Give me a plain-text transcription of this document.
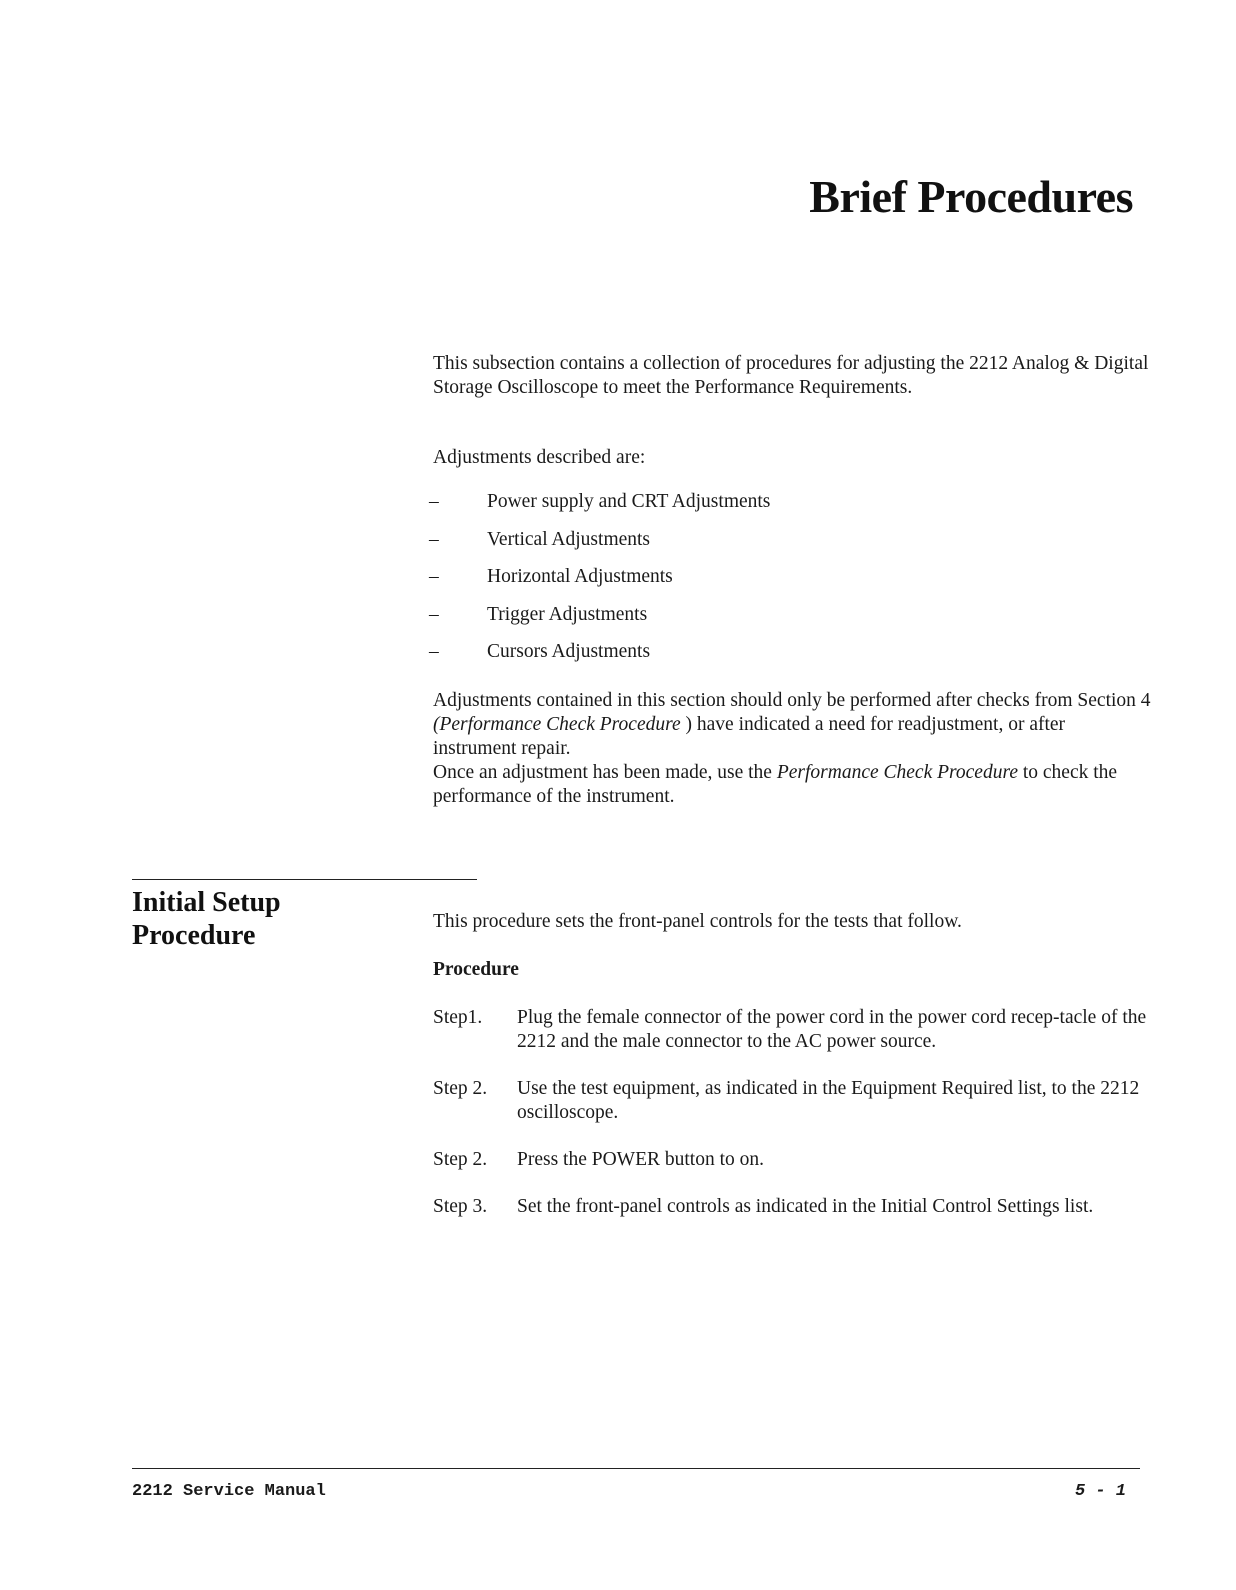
Brief Procedures

This subsection contains a collection of procedures for adjusting the 2212 Analog & Digital Storage Oscilloscope to meet the Performance Requirements.

Adjustments described are:

–	Power supply and CRT Adjustments
–	Vertical Adjustments
–	Horizontal Adjustments
–	Trigger Adjustments
–	Cursors Adjustments

Adjustments contained in this section should only be performed after checks from Section 4 (Performance Check Procedure ) have indicated a need for readjustment, or after instrument repair.

Once an adjustment has been made, use the Performance Check Procedure to check the performance of the instrument.

Initial Setup
Procedure	This procedure sets the front-panel controls for the tests that follow.

Procedure

Step1.	Plug the female connector of the power cord in the power cord recep-tacle of the 2212 and the male connector to the AC power source.
Step 2.	Use the test equipment, as indicated in the Equipment Required list, to the 2212 oscilloscope.
Step 2.	Press the POWER button to on.
Step 3.	Set the front-panel controls as indicated in the Initial Control Settings list.

2212 Service Manual	5 - 1
